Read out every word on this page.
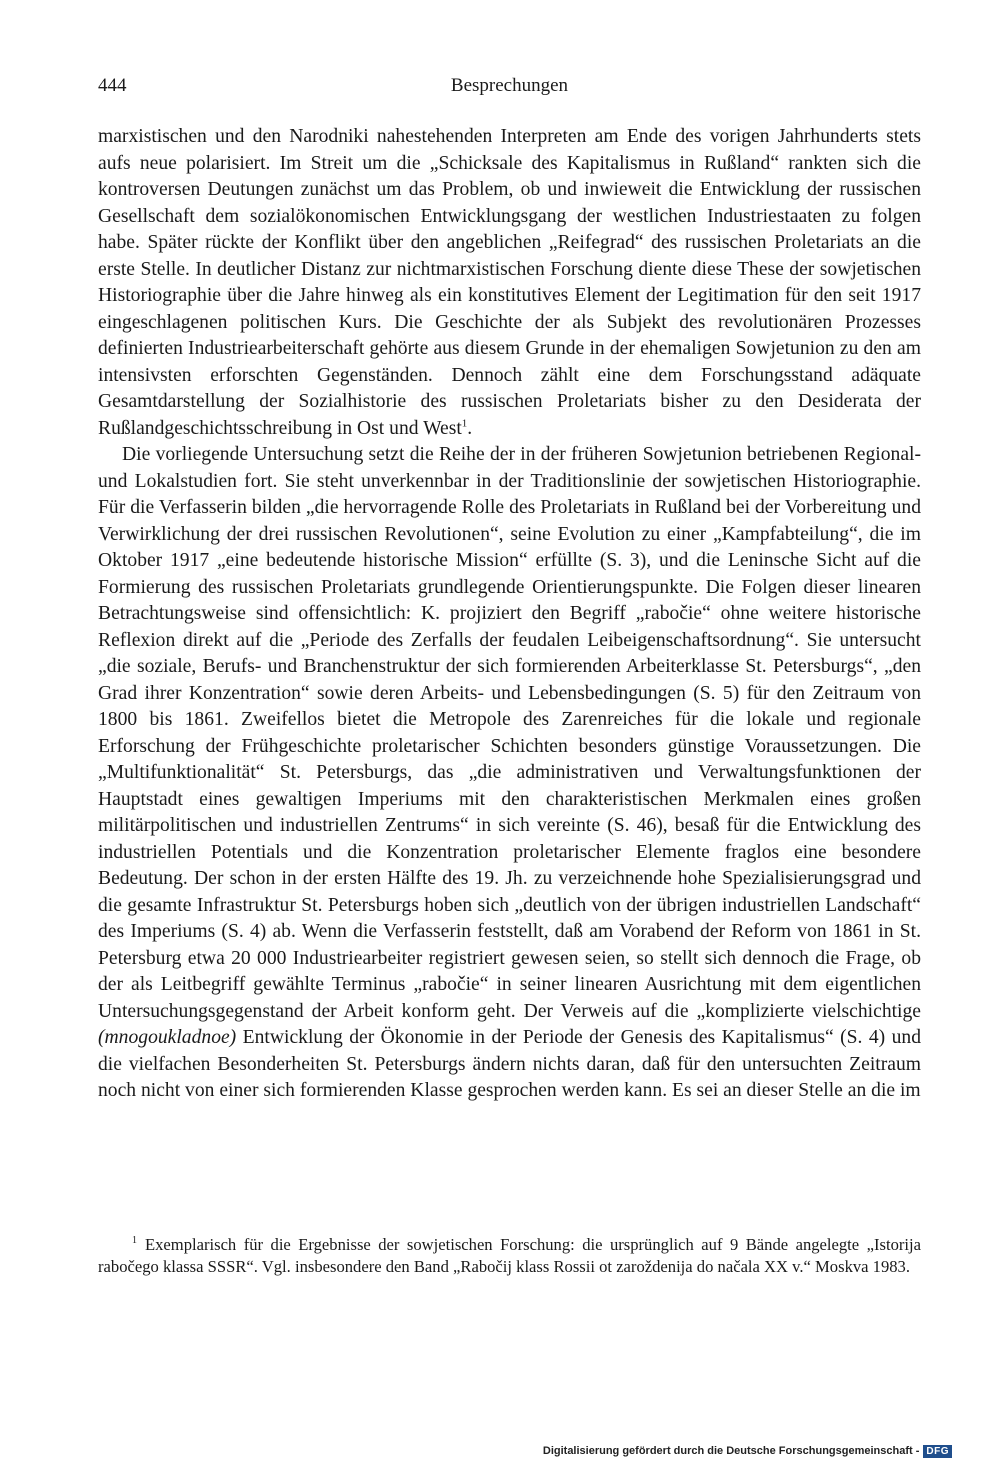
444	Besprechungen

marxistischen und den Narodniki nahestehenden Interpreten am Ende des vorigen Jahrhunderts stets aufs neue polarisiert. Im Streit um die „Schicksale des Kapitalismus in Rußland“ rankten sich die kontroversen Deutungen zunächst um das Problem, ob und inwieweit die Entwicklung der russischen Gesellschaft dem sozialökonomischen Entwicklungsgang der westlichen Industriestaaten zu folgen habe. Später rückte der Konflikt über den angeblichen „Reifegrad“ des russischen Proletariats an die erste Stelle. In deutlicher Distanz zur nichtmarxistischen Forschung diente diese These der sowjetischen Historiographie über die Jahre hinweg als ein konstitutives Element der Legitimation für den seit 1917 eingeschlagenen politischen Kurs. Die Geschichte der als Subjekt des revolutionären Prozesses definierten Industriearbeiterschaft gehörte aus diesem Grunde in der ehemaligen Sowjetunion zu den am intensivsten erforschten Gegenständen. Dennoch zählt eine dem Forschungsstand adäquate Gesamtdarstellung der Sozialhistorie des russischen Proletariats bisher zu den Desiderata der Rußlandgeschichtsschreibung in Ost und West$^1$.

Die vorliegende Untersuchung setzt die Reihe der in der früheren Sowjetunion betriebenen Regional- und Lokalstudien fort. Sie steht unverkennbar in der Traditionslinie der sowjetischen Historiographie. Für die Verfasserin bilden „die hervorragende Rolle des Proletariats in Rußland bei der Vorbereitung und Verwirklichung der drei russischen Revolutionen“, seine Evolution zu einer „Kampfabteilung“, die im Oktober 1917 „eine bedeutende historische Mission“ erfüllte (S. 3), und die Leninsche Sicht auf die Formierung des russischen Proletariats grundlegende Orientierungspunkte. Die Folgen dieser linearen Betrachtungsweise sind offensichtlich: K. projiziert den Begriff „rabočie“ ohne weitere historische Reflexion direkt auf die „Periode des Zerfalls der feudalen Leibeigenschaftsordnung“. Sie untersucht „die soziale, Berufs- und Branchenstruktur der sich formierenden Arbeiterklasse St. Petersburgs“, „den Grad ihrer Konzentration“ sowie deren Arbeits- und Lebensbedingungen (S. 5) für den Zeitraum von 1800 bis 1861. Zweifellos bietet die Metropole des Zarenreiches für die lokale und regionale Erforschung der Frühgeschichte proletarischer Schichten besonders günstige Voraussetzungen. Die „Multifunktionalität“ St. Petersburgs, das „die administrativen und Verwaltungsfunktionen der Hauptstadt eines gewaltigen Imperiums mit den charakteristischen Merkmalen eines großen militärpolitischen und industriellen Zentrums“ in sich vereinte (S. 46), besaß für die Entwicklung des industriellen Potentials und die Konzentration proletarischer Elemente fraglos eine besondere Bedeutung. Der schon in der ersten Hälfte des 19. Jh. zu verzeichnende hohe Spezialisierungsgrad und die gesamte Infrastruktur St. Petersburgs hoben sich „deutlich von der übrigen industriellen Landschaft“ des Imperiums (S. 4) ab. Wenn die Verfasserin feststellt, daß am Vorabend der Reform von 1861 in St. Petersburg etwa 20 000 Industriearbeiter registriert gewesen seien, so stellt sich dennoch die Frage, ob der als Leitbegriff gewählte Terminus „rabočie“ in seiner linearen Ausrichtung mit dem eigentlichen Untersuchungsgegenstand der Arbeit konform geht. Der Verweis auf die „komplizierte vielschichtige (mnogoukladnoe) Entwicklung der Ökonomie in der Periode der Genesis des Kapitalismus“ (S. 4) und die vielfachen Besonderheiten St. Petersburgs ändern nichts daran, daß für den untersuchten Zeitraum noch nicht von einer sich formierenden Klasse gesprochen werden kann. Es sei an dieser Stelle an die im

$^1$ Exemplarisch für die Ergebnisse der sowjetischen Forschung: die ursprünglich auf 9 Bände angelegte „Istorija rabočego klassa SSSR“. Vgl. insbesondere den Band „Rabočij klass Rossii ot zaroždenija do načala XX v.“ Moskva 1983.

Digitalisierung gefördert durch die Deutsche Forschungsgemeinschaft - DFG
